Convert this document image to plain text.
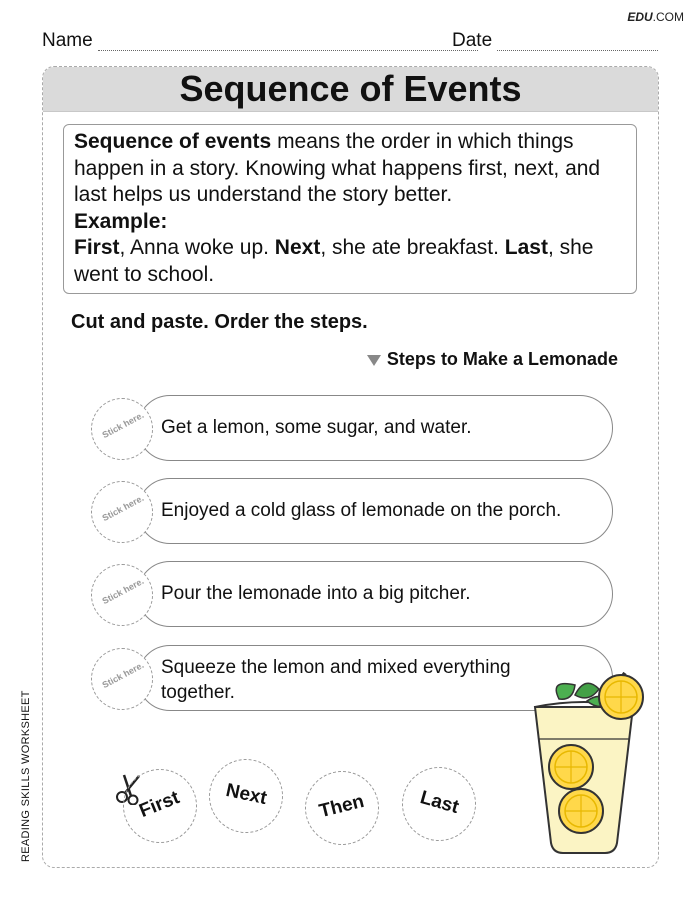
EDU.COM
Name	Date
READING SKILLS WORKSHEET
Sequence of Events

Sequence of events means the order in which things happen in a story. Knowing what happens first, next, and last helps us understand the story better.

Example:

First, Anna woke up. Next, she ate breakfast. Last, she went to school.

Cut and paste. Order the steps.
Steps to Make a Lemonade
Stick here. Get a lemon, some sugar, and water.
Stick here. Enjoyed a cold glass of lemonade on the porch.
Stick here. Pour the lemonade into a big pitcher.
Stick here. Squeeze the lemon and mixed everything together.
First	Next	Then	Last
